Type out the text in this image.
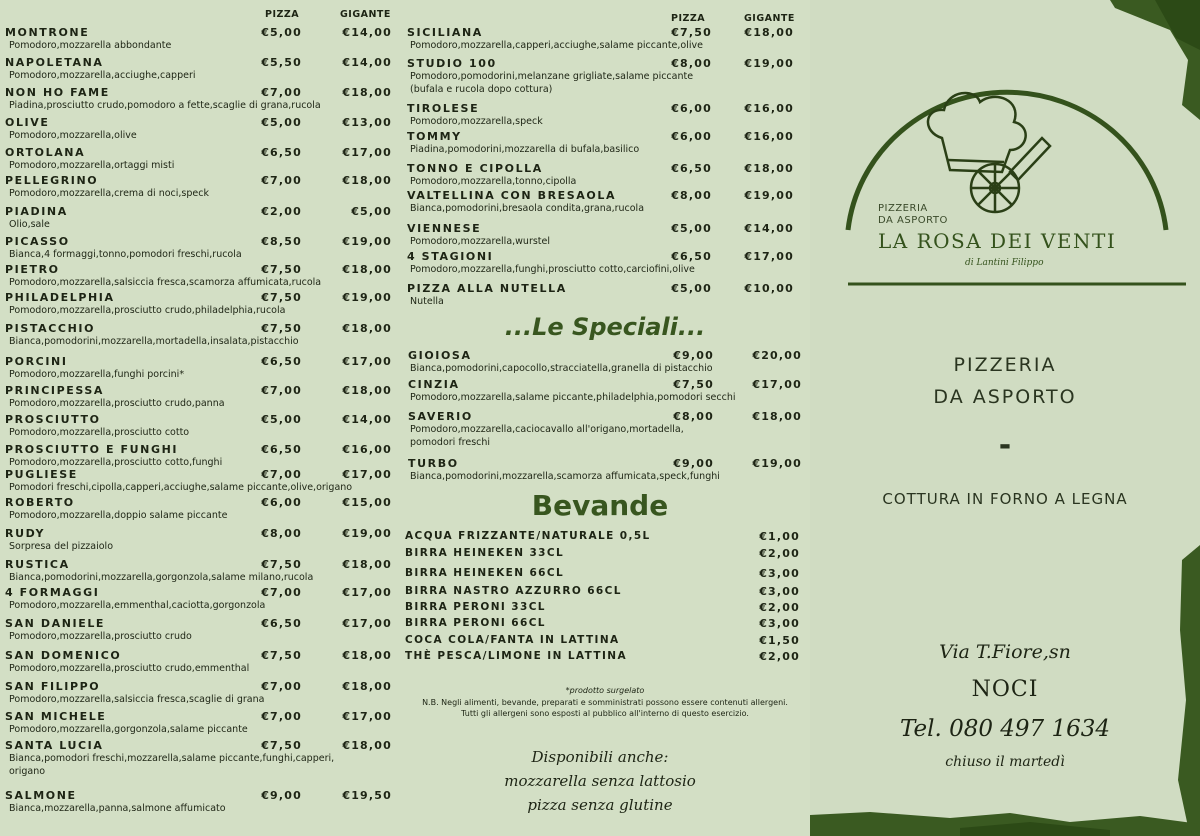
PIZZA	GIGANTE
MONTRONE	€5,00	€14,00
Pomodoro,mozzarella abbondante
NAPOLETANA	€5,50	€14,00
Pomodoro,mozzarella,acciughe,capperi
NON HO FAME	€7,00	€18,00
Piadina,prosciutto crudo,pomodoro a fette,scaglie di grana,rucola
OLIVE	€5,00	€13,00
Pomodoro,mozzarella,olive
ORTOLANA	€6,50	€17,00
Pomodoro,mozzarella,ortaggi misti
PELLEGRINO	€7,00	€18,00
Pomodoro,mozzarella,crema di noci,speck
PIADINA	€2,00	€5,00
Olio,sale
PICASSO	€8,50	€19,00
Bianca,4 formaggi,tonno,pomodori freschi,rucola
PIETRO	€7,50	€18,00
Pomodoro,mozzarella,salsiccia fresca,scamorza affumicata,rucola
PHILADELPHIA	€7,50	€19,00
Pomodoro,mozzarella,prosciutto crudo,philadelphia,rucola
PISTACCHIO	€7,50	€18,00
Bianca,pomodorini,mozzarella,mortadella,insalata,pistacchio
PORCINI	€6,50	€17,00
Pomodoro,mozzarella,funghi porcini*
PRINCIPESSA	€7,00	€18,00
Pomodoro,mozzarella,prosciutto crudo,panna
PROSCIUTTO	€5,00	€14,00
Pomodoro,mozzarella,prosciutto cotto
PROSCIUTTO E FUNGHI	€6,50	€16,00
Pomodoro,mozzarella,prosciutto cotto,funghi
PUGLIESE	€7,00	€17,00
Pomodori freschi,cipolla,capperi,acciughe,salame piccante,olive,origano
ROBERTO	€6,00	€15,00
Pomodoro,mozzarella,doppio salame piccante
RUDY	€8,00	€19,00
Sorpresa del pizzaiolo
RUSTICA	€7,50	€18,00
Bianca,pomodorini,mozzarella,gorgonzola,salame milano,rucola
4 FORMAGGI	€7,00	€17,00
Pomodoro,mozzarella,emmenthal,caciotta,gorgonzola
SAN DANIELE	€6,50	€17,00
Pomodoro,mozzarella,prosciutto crudo
SAN DOMENICO	€7,50	€18,00
Pomodoro,mozzarella,prosciutto crudo,emmenthal
SAN FILIPPO	€7,00	€18,00
Pomodoro,mozzarella,salsiccia fresca,scaglie di grana
SAN MICHELE	€7,00	€17,00
Pomodoro,mozzarella,gorgonzola,salame piccante
SANTA LUCIA	€7,50	€18,00
Bianca,pomodori freschi,mozzarella,salame piccante,funghi,capperi,
origano
SALMONE	€9,00	€19,50
Bianca,mozzarella,panna,salmone affumicato
PIZZA	GIGANTE
SICILIANA	€7,50	€18,00
Pomodoro,mozzarella,capperi,acciughe,salame piccante,olive
STUDIO 100	€8,00	€19,00
Pomodoro,pomodorini,melanzane grigliate,salame piccante
(bufala e rucola dopo cottura)
TIROLESE	€6,00	€16,00
Pomodoro,mozzarella,speck
TOMMY	€6,00	€16,00
Piadina,pomodorini,mozzarella di bufala,basilico
TONNO E CIPOLLA	€6,50	€18,00
Pomodoro,mozzarella,tonno,cipolla
VALTELLINA CON BRESAOLA	€8,00	€19,00
Bianca,pomodorini,bresaola condita,grana,rucola
VIENNESE	€5,00	€14,00
Pomodoro,mozzarella,wurstel
4 STAGIONI	€6,50	€17,00
Pomodoro,mozzarella,funghi,prosciutto cotto,carciofini,olive
PIZZA ALLA NUTELLA	€5,00	€10,00
Nutella
...Le Speciali...
GIOIOSA	€9,00	€20,00
Bianca,pomodorini,capocollo,stracciatella,granella di pistacchio
CINZIA	€7,50	€17,00
Pomodoro,mozzarella,salame piccante,philadelphia,pomodori secchi
SAVERIO	€8,00	€18,00
Pomodoro,mozzarella,caciocavallo all'origano,mortadella,
pomodori freschi
TURBO	€9,00	€19,00
Bianca,pomodorini,mozzarella,scamorza affumicata,speck,funghi
Bevande
ACQUA FRIZZANTE/NATURALE 0,5L	€1,00
BIRRA HEINEKEN 33CL	€2,00
BIRRA HEINEKEN 66CL	€3,00
BIRRA NASTRO AZZURRO 66CL	€3,00
BIRRA PERONI 33CL	€2,00
BIRRA PERONI 66CL	€3,00
COCA COLA/FANTA IN LATTINA	€1,50
THÈ PESCA/LIMONE IN LATTINA	€2,00
*prodotto surgelato
N.B. Negli alimenti, bevande, preparati e somministrati possono essere contenuti allergeni. Tutti gli allergeni sono esposti al pubblico all'interno di questo esercizio.
Disponibili anche:
mozzarella senza lattosio
pizza senza glutine
PIZZERIA
DA ASPORTO
LA ROSA DEI VENTI
di Lantini Filippo
PIZZERIA
DA ASPORTO
-
COTTURA IN FORNO A LEGNA
Via T.Fiore,sn
NOCI
Tel. 080 497 1634
chiuso il martedì
